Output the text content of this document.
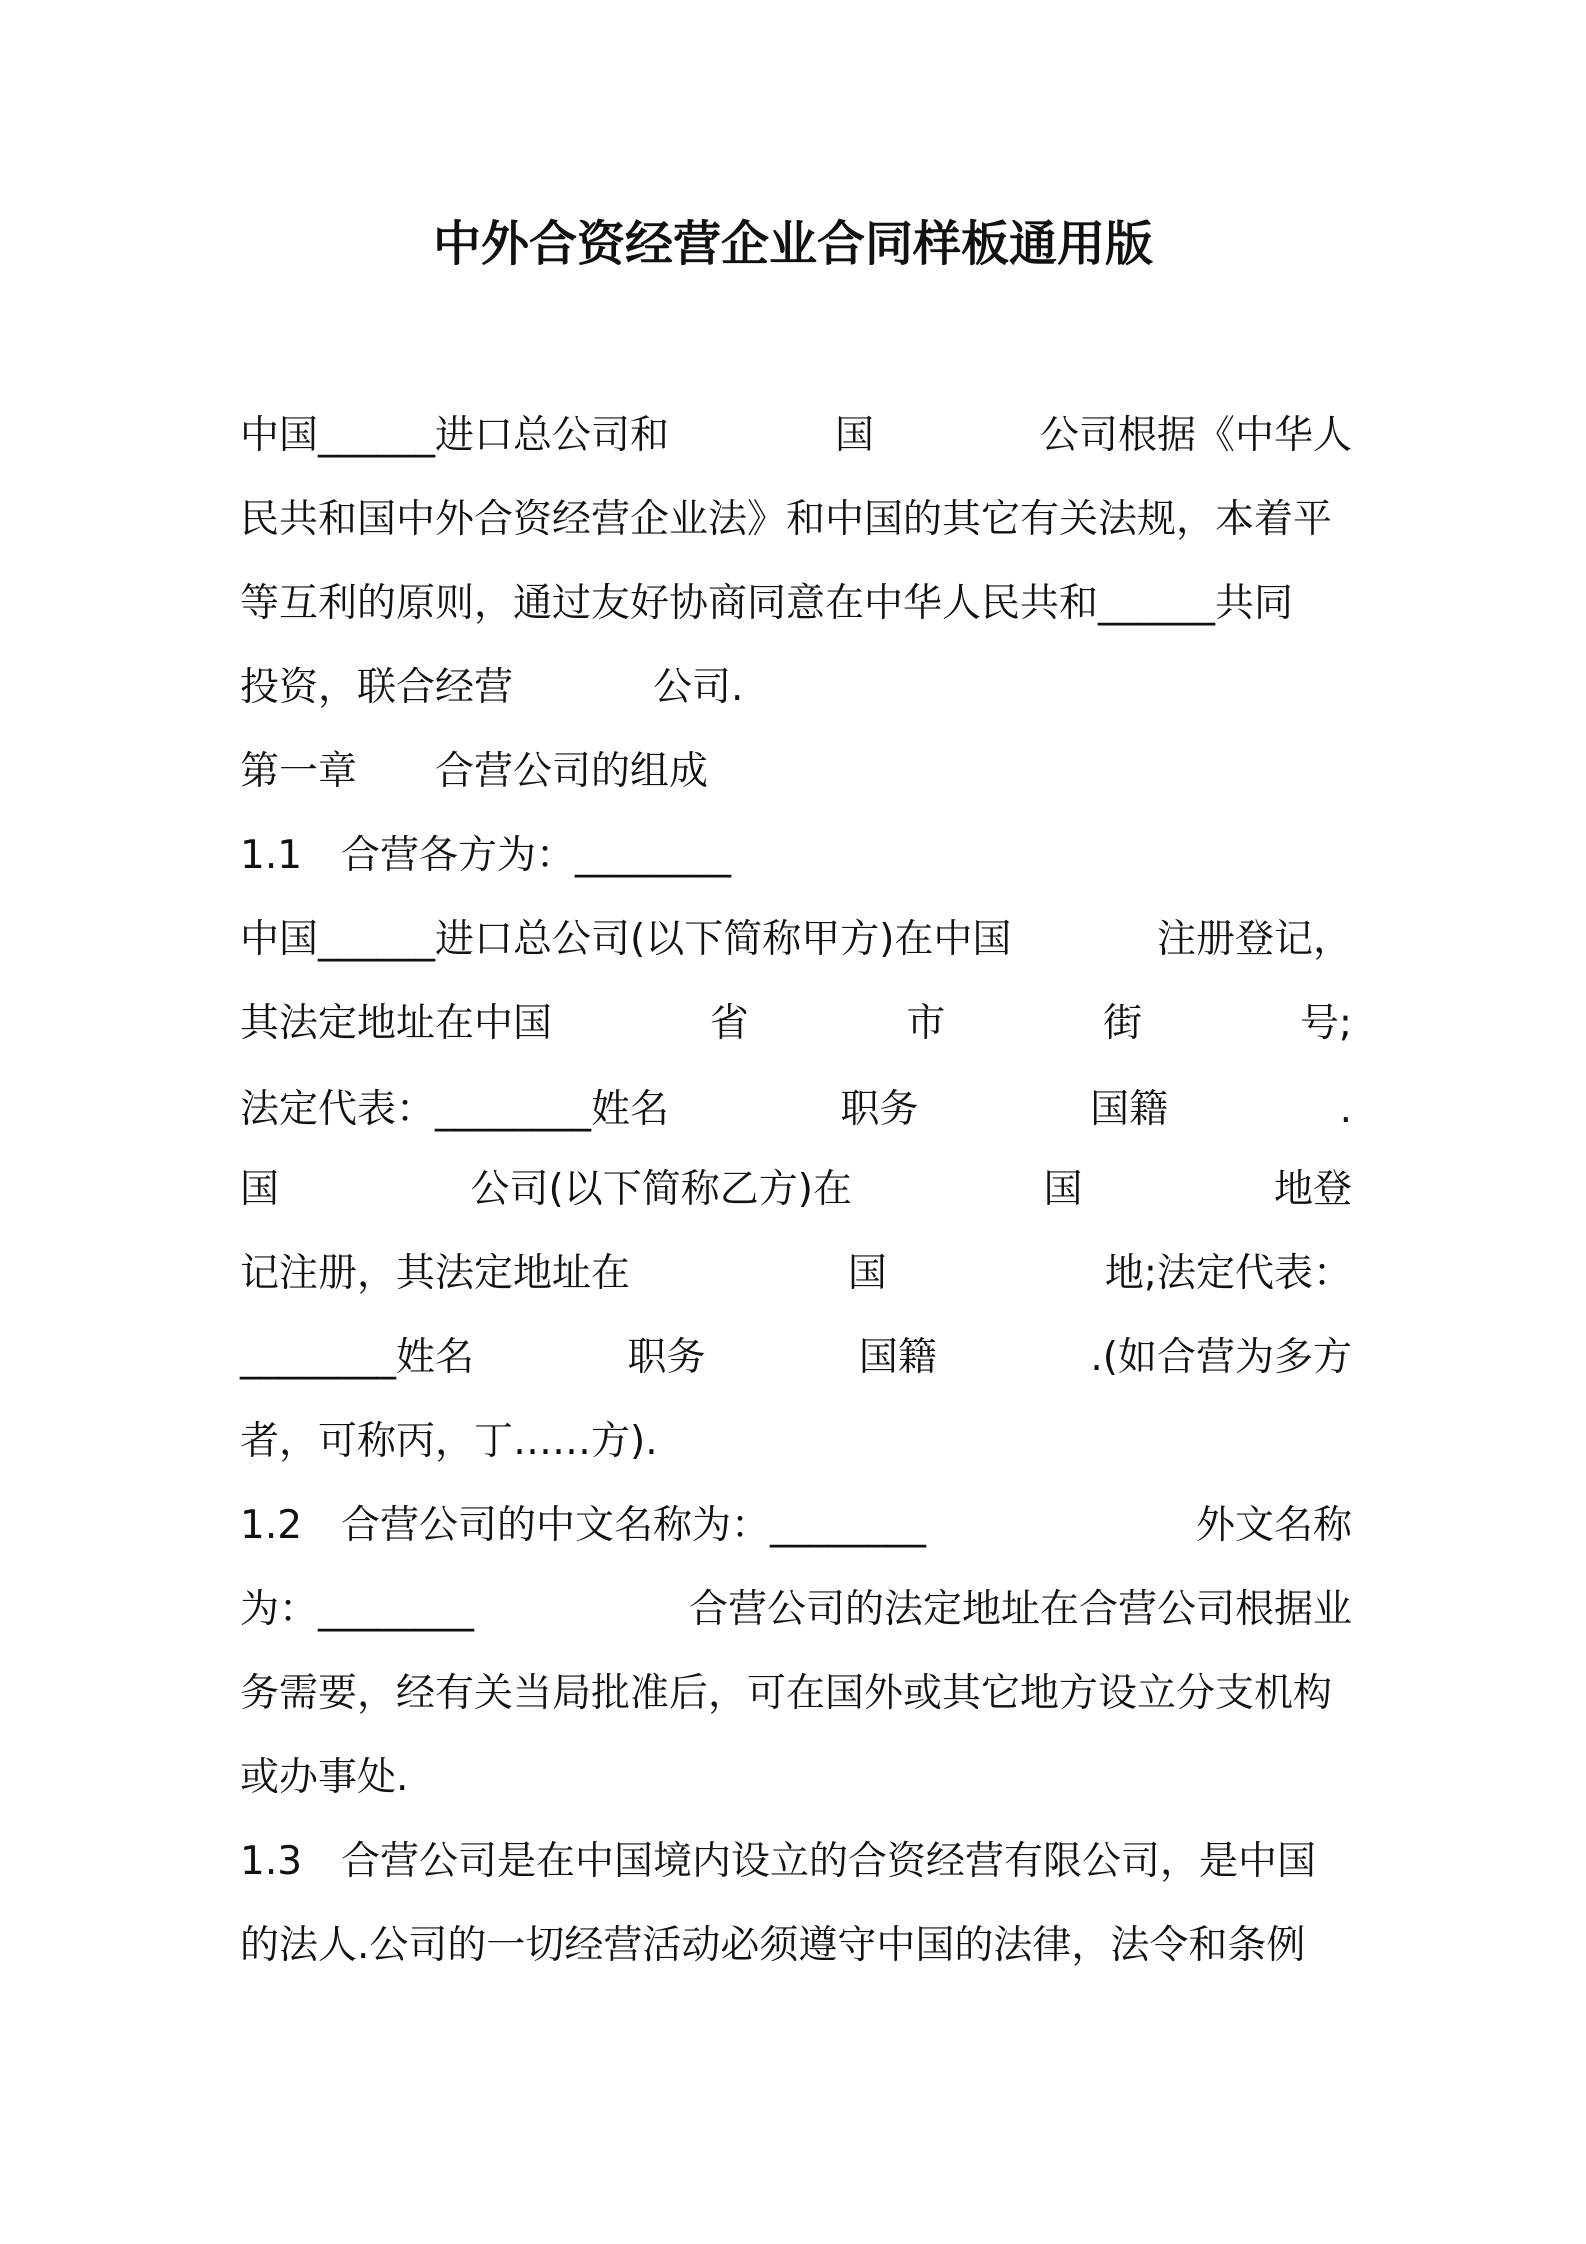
中外合资经营企业合同样板通用版
中国______进口总公司和	国	公司根据《中华人
民共和国中外合资经营企业法》和中国的其它有关法规，本着平
等互利的原则，通过友好协商同意在中华人民共和______共同
投资，联合经营	公司.
第一章　　合营公司的组成
1.1　合营各方为：________
中国______进口总公司(以下简称甲方)在中国	注册登记，
其法定地址在中国	省	市	街	号;
法定代表：________姓名	职务	国籍	.
国	公司(以下简称乙方)在	国	地登
记注册，其法定地址在	国	地;法定代表：
________姓名	职务	国籍	.(如合营为多方
者，可称丙，丁……方).
1.2　合营公司的中文名称为：________	外文名称
为：________	合营公司的法定地址在合营公司根据业
务需要，经有关当局批准后，可在国外或其它地方设立分支机构
或办事处.
1.3　合营公司是在中国境内设立的合资经营有限公司，是中国
的法人.公司的一切经营活动必须遵守中国的法律，法令和条例
